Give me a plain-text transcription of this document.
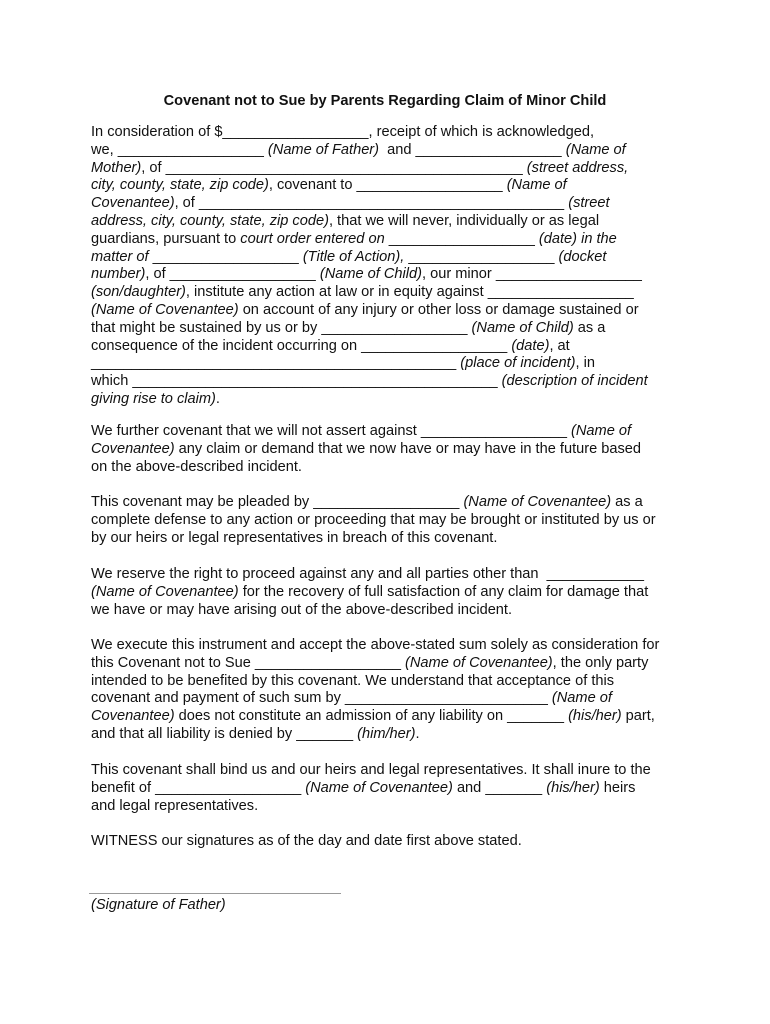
Covenant not to Sue by Parents Regarding Claim of Minor Child
In consideration of $__________________, receipt of which is acknowledged,
we, __________________ (Name of Father)  and __________________ (Name of
Mother), of ____________________________________________ (street address,
city, county, state, zip code), covenant to __________________ (Name of
Covenantee), of _____________________________________________ (street
address, city, county, state, zip code), that we will never, individually or as legal
guardians, pursuant to court order entered on __________________ (date) in the
matter of __________________ (Title of Action), __________________ (docket
number), of __________________ (Name of Child), our minor __________________
(son/daughter), institute any action at law or in equity against __________________
(Name of Covenantee) on account of any injury or other loss or damage sustained or
that might be sustained by us or by __________________ (Name of Child) as a
consequence of the incident occurring on __________________ (date), at
_____________________________________________ (place of incident), in
which _____________________________________________ (description of incident
giving rise to claim).
We further covenant that we will not assert against __________________ (Name of
Covenantee) any claim or demand that we now have or may have in the future based
on the above-described incident.
This covenant may be pleaded by __________________ (Name of Covenantee) as a
complete defense to any action or proceeding that may be brought or instituted by us or
by our heirs or legal representatives in breach of this covenant.
We reserve the right to proceed against any and all parties other than  ____________
(Name of Covenantee) for the recovery of full satisfaction of any claim for damage that
we have or may have arising out of the above-described incident.
We execute this instrument and accept the above-stated sum solely as consideration for
this Covenant not to Sue __________________ (Name of Covenantee), the only party
intended to be benefited by this covenant. We understand that acceptance of this
covenant and payment of such sum by _________________________ (Name of
Covenantee) does not constitute an admission of any liability on _______ (his/her) part,
and that all liability is denied by _______ (him/her).
This covenant shall bind us and our heirs and legal representatives. It shall inure to the
benefit of __________________ (Name of Covenantee) and _______ (his/her) heirs
and legal representatives.
WITNESS our signatures as of the day and date first above stated.
(Signature of Father)
